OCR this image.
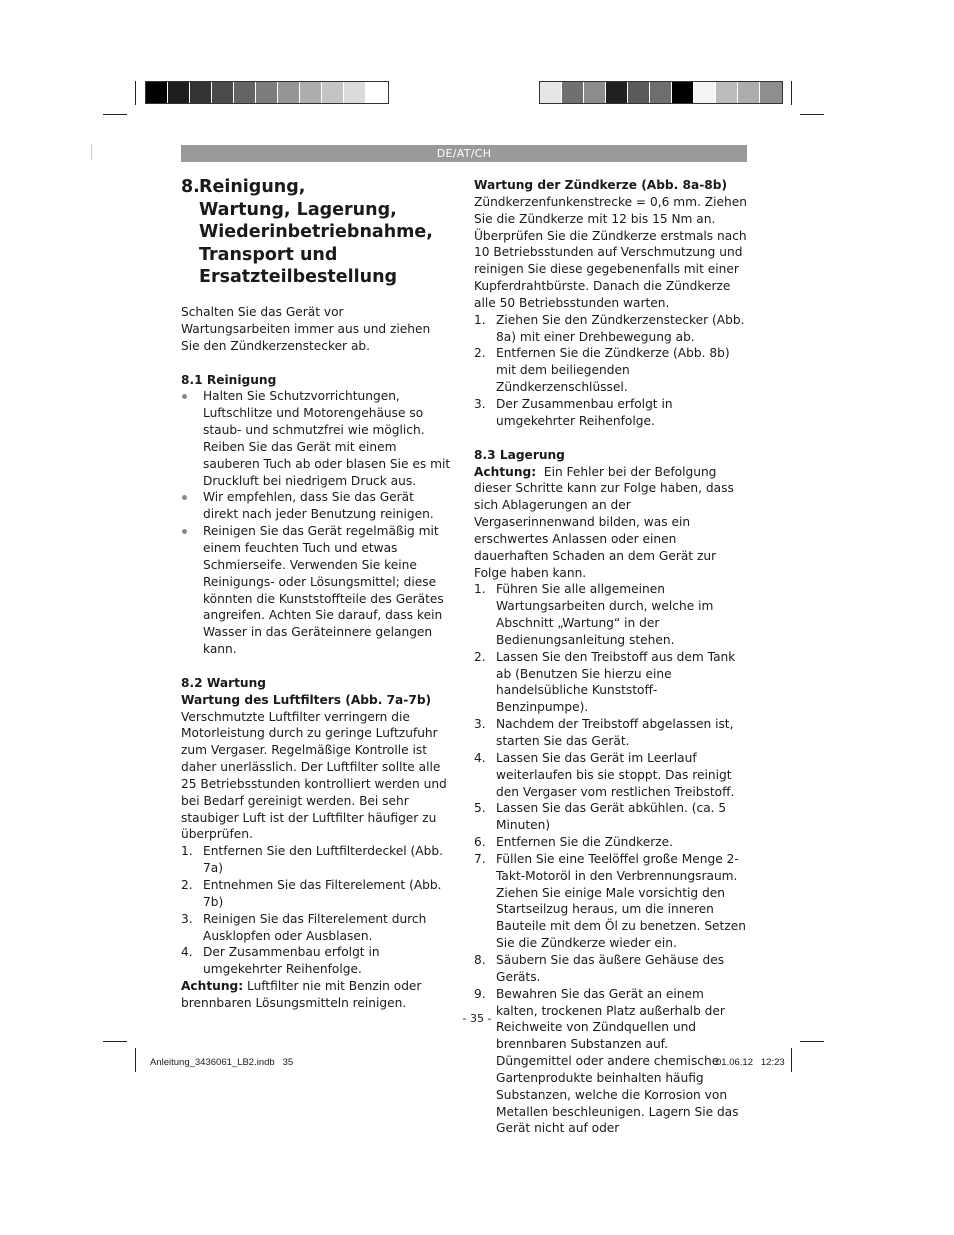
DE/AT/CH
8. Reinigung,
Wartung, Lagerung,
Wiederinbetriebnahme,
Transport und
Ersatzteilbestellung

Schalten Sie das Gerät vor Wartungsarbeiten immer aus und ziehen Sie den Zündkerzenstecker ab.

8.1 Reinigung

Halten Sie Schutzvorrichtungen, Luftschlitze und Motorengehäuse so staub- und schmutzfrei wie möglich. Reiben Sie das Gerät mit einem sauberen Tuch ab oder blasen Sie es mit Druckluft bei niedrigem Druck aus.
Wir empfehlen, dass Sie das Gerät direkt nach jeder Benutzung reinigen.
Reinigen Sie das Gerät regelmäßig mit einem feuchten Tuch und etwas Schmierseife. Verwenden Sie keine Reinigungs- oder Lösungsmittel; diese könnten die Kunststoffteile des Gerätes angreifen. Achten Sie darauf, dass kein Wasser in das Geräteinnere gelangen kann.

8.2 Wartung

Wartung des Luftfilters (Abb. 7a-7b)

Verschmutzte Luftfilter verringern die Motorleistung durch zu geringe Luftzufuhr zum Vergaser. Regelmäßige Kontrolle ist daher unerlässlich. Der Luftfilter sollte alle 25 Betriebsstunden kontrolliert werden und bei Bedarf gereinigt werden. Bei sehr staubiger Luft ist der Luftfilter häufiger zu überprüfen.

1. Entfernen Sie den Luftfilterdeckel (Abb. 7a)
2. Entnehmen Sie das Filterelement (Abb. 7b)
3. Reinigen Sie das Filterelement durch Ausklopfen oder Ausblasen.
4. Der Zusammenbau erfolgt in umgekehrter Reihenfolge.

Achtung: Luftfilter nie mit Benzin oder brennbaren Lösungsmitteln reinigen.

Wartung der Zündkerze (Abb. 8a-8b)

Zündkerzenfunkenstrecke = 0,6 mm. Ziehen Sie die Zündkerze mit 12 bis 15 Nm an. Überprüfen Sie die Zündkerze erstmals nach 10 Betriebsstunden auf Verschmutzung und reinigen Sie diese gegebenenfalls mit einer Kupferdrahtbürste. Danach die Zündkerze alle 50 Betriebsstunden warten.

1. Ziehen Sie den Zündkerzenstecker (Abb. 8a) mit einer Drehbewegung ab.
2. Entfernen Sie die Zündkerze (Abb. 8b) mit dem beiliegenden Zündkerzenschlüssel.
3. Der Zusammenbau erfolgt in umgekehrter Reihenfolge.

8.3 Lagerung

Achtung: Ein Fehler bei der Befolgung dieser Schritte kann zur Folge haben, dass sich Ablagerungen an der Vergaserinnenwand bilden, was ein erschwertes Anlassen oder einen dauerhaften Schaden an dem Gerät zur Folge haben kann.

1. Führen Sie alle allgemeinen Wartungsarbeiten durch, welche im Abschnitt „Wartung“ in der Bedienungsanleitung stehen.
2. Lassen Sie den Treibstoff aus dem Tank ab (Benutzen Sie hierzu eine handelsübliche Kunststoff-Benzinpumpe).
3. Nachdem der Treibstoff abgelassen ist, starten Sie das Gerät.
4. Lassen Sie das Gerät im Leerlauf weiterlaufen bis sie stoppt. Das reinigt den Vergaser vom restlichen Treibstoff.
5. Lassen Sie das Gerät abkühlen. (ca. 5 Minuten)
6. Entfernen Sie die Zündkerze.
7. Füllen Sie eine Teelöffel große Menge 2-Takt-Motoröl in den Verbrennungsraum. Ziehen Sie einige Male vorsichtig den Startseilzug heraus, um die inneren Bauteile mit dem Öl zu benetzen. Setzen Sie die Zündkerze wieder ein.
8. Säubern Sie das äußere Gehäuse des Geräts.
9. Bewahren Sie das Gerät an einem kalten, trockenen Platz außerhalb der Reichweite von Zündquellen und brennbaren Substanzen auf. Düngemittel oder andere chemische Gartenprodukte beinhalten häufig Substanzen, welche die Korrosion von Metallen beschleunigen. Lagern Sie das Gerät nicht auf oder
- 35 -
Anleitung_3436061_LB2.indb   35	01.06.12   12:23
